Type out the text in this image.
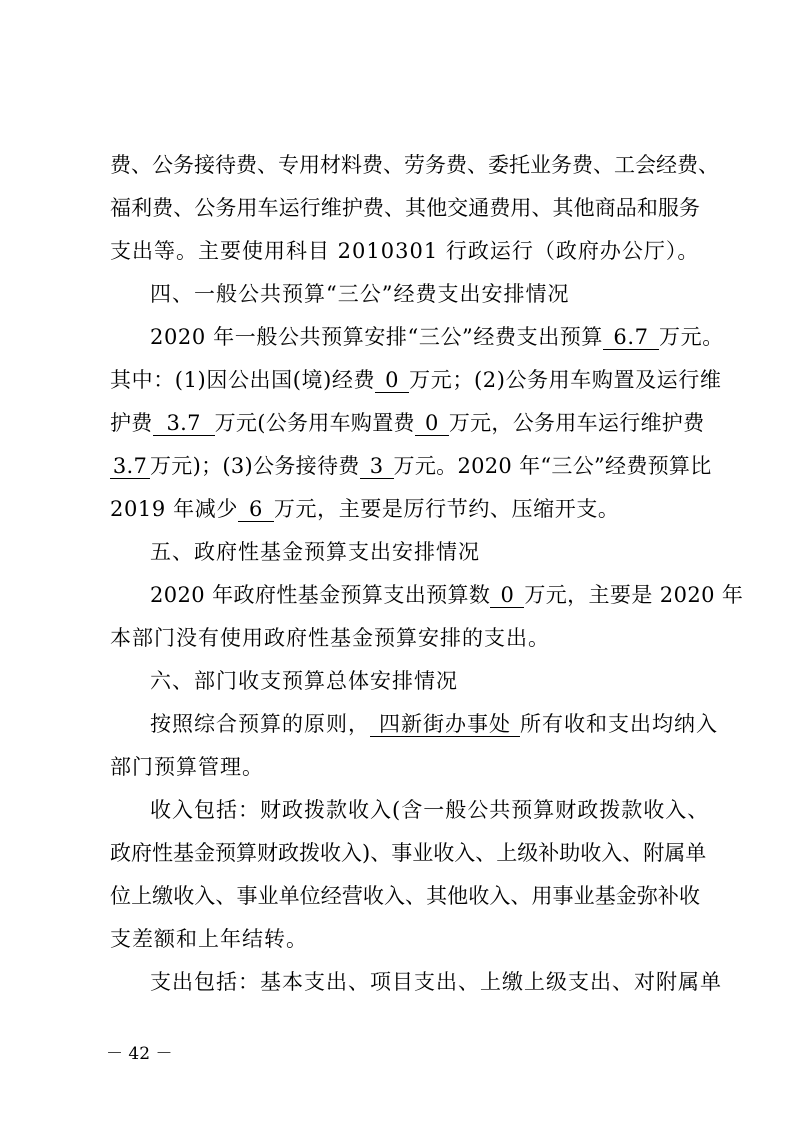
费、公务接待费、专用材料费、劳务费、委托业务费、工会经费、
福利费、公务用车运行维护费、其他交通费用、其他商品和服务
支出等。主要使用科目 2010301 行政运行（政府办公厅）。
四、一般公共预算“三公”经费支出安排情况
2020 年一般公共预算安排“三公”经费支出预算 6.7 万元。
其中：(1)因公出国(境)经费 0 万元；(2)公务用车购置及运行维
护费 3.7 万元(公务用车购置费 0 万元，公务用车运行维护费
3.7 万元)；(3)公务接待费 3 万元。2020 年“三公”经费预算比
2019 年减少 6 万元，主要是厉行节约、压缩开支。
五、政府性基金预算支出安排情况
2020 年政府性基金预算支出预算数 0 万元，主要是 2020 年
本部门没有使用政府性基金预算安排的支出。
六、部门收支预算总体安排情况
按照综合预算的原则， 四新街办事处 所有收和支出均纳入
部门预算管理。
收入包括：财政拨款收入(含一般公共预算财政拨款收入、
政府性基金预算财政拨收入)、事业收入、上级补助收入、附属单
位上缴收入、事业单位经营收入、其他收入、用事业基金弥补收
支差额和上年结转。
支出包括：基本支出、项目支出、上缴上级支出、对附属单
－ 42 －
